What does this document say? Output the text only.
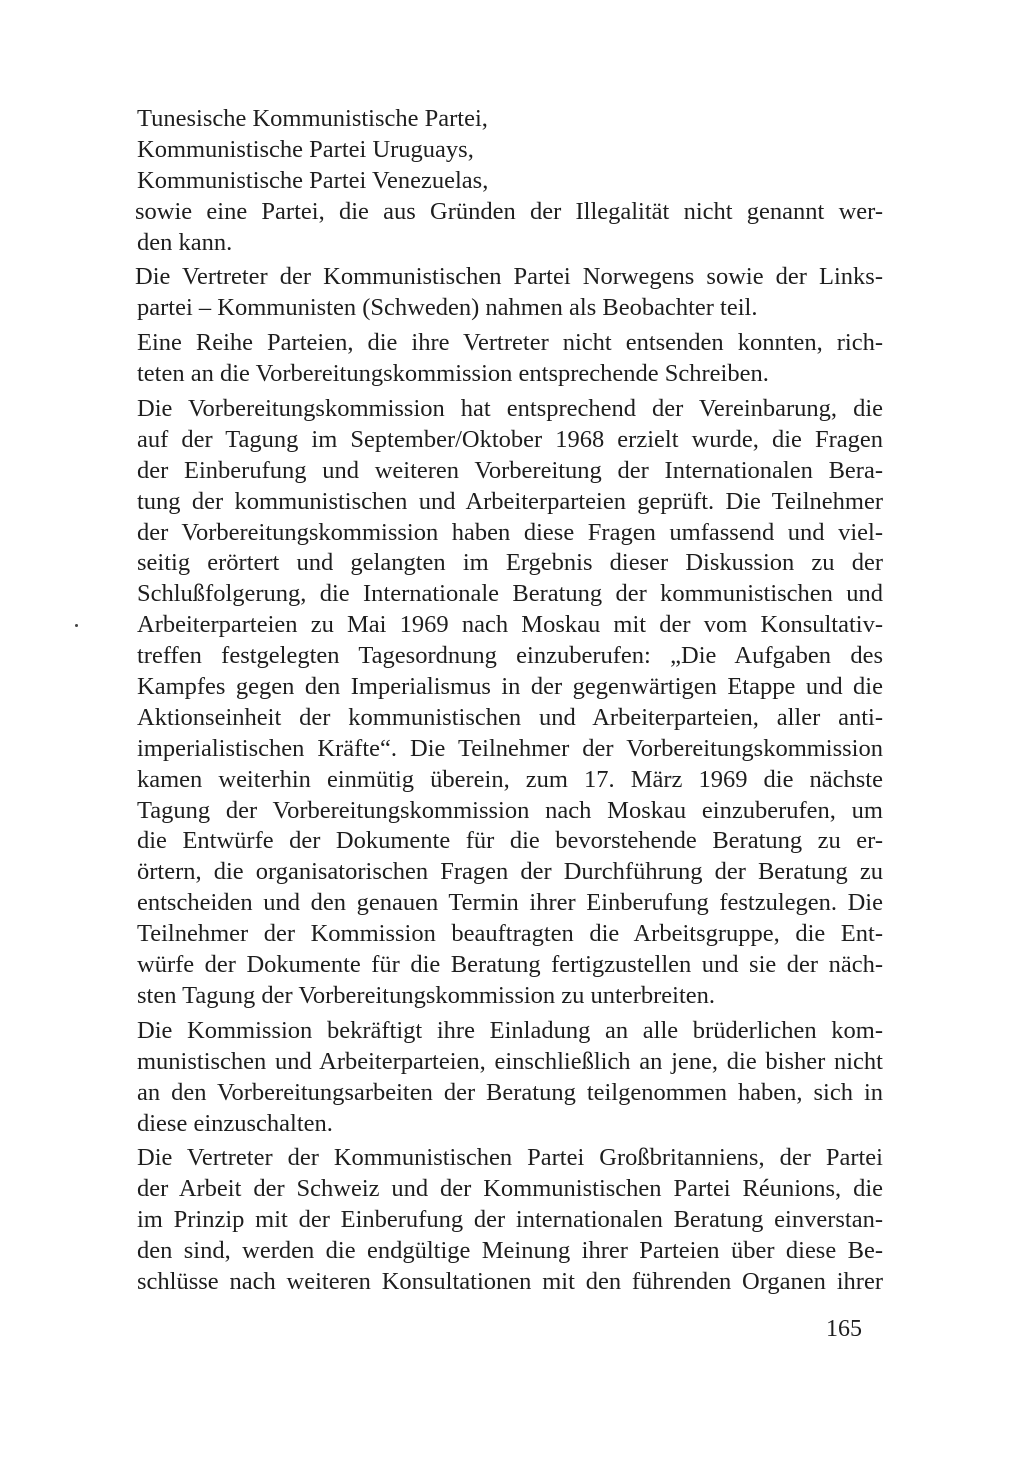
Tunesische Kommunistische Partei,
Kommunistische Partei Uruguays,
Kommunistische Partei Venezuelas,
sowie eine Partei, die aus Gründen der Illegalität nicht genannt wer-
den kann.
Die Vertreter der Kommunistischen Partei Norwegens sowie der Links-
partei – Kommunisten (Schweden) nahmen als Beobachter teil.
Eine Reihe Parteien, die ihre Vertreter nicht entsenden konnten, rich-
teten an die Vorbereitungskommission entsprechende Schreiben.
Die Vorbereitungskommission hat entsprechend der Vereinbarung, die
auf der Tagung im September/Oktober 1968 erzielt wurde, die Fragen
der Einberufung und weiteren Vorbereitung der Internationalen Bera-
tung der kommunistischen und Arbeiterparteien geprüft. Die Teilnehmer
der Vorbereitungskommission haben diese Fragen umfassend und viel-
seitig erörtert und gelangten im Ergebnis dieser Diskussion zu der
Schlußfolgerung, die Internationale Beratung der kommunistischen und
Arbeiterparteien zu Mai 1969 nach Moskau mit der vom Konsultativ-
treffen festgelegten Tagesordnung einzuberufen: „Die Aufgaben des
Kampfes gegen den Imperialismus in der gegenwärtigen Etappe und die
Aktionseinheit der kommunistischen und Arbeiterparteien, aller anti-
imperialistischen Kräfte“. Die Teilnehmer der Vorbereitungskommission
kamen weiterhin einmütig überein, zum 17. März 1969 die nächste
Tagung der Vorbereitungskommission nach Moskau einzuberufen, um
die Entwürfe der Dokumente für die bevorstehende Beratung zu er-
örtern, die organisatorischen Fragen der Durchführung der Beratung zu
entscheiden und den genauen Termin ihrer Einberufung festzulegen. Die
Teilnehmer der Kommission beauftragten die Arbeitsgruppe, die Ent-
würfe der Dokumente für die Beratung fertigzustellen und sie der näch-
sten Tagung der Vorbereitungskommission zu unterbreiten.
Die Kommission bekräftigt ihre Einladung an alle brüderlichen kom-
munistischen und Arbeiterparteien, einschließlich an jene, die bisher nicht
an den Vorbereitungsarbeiten der Beratung teilgenommen haben, sich in
diese einzuschalten.
Die Vertreter der Kommunistischen Partei Großbritanniens, der Partei
der Arbeit der Schweiz und der Kommunistischen Partei Réunions, die
im Prinzip mit der Einberufung der internationalen Beratung einverstan-
den sind, werden die endgültige Meinung ihrer Parteien über diese Be-
schlüsse nach weiteren Konsultationen mit den führenden Organen ihrer
165
